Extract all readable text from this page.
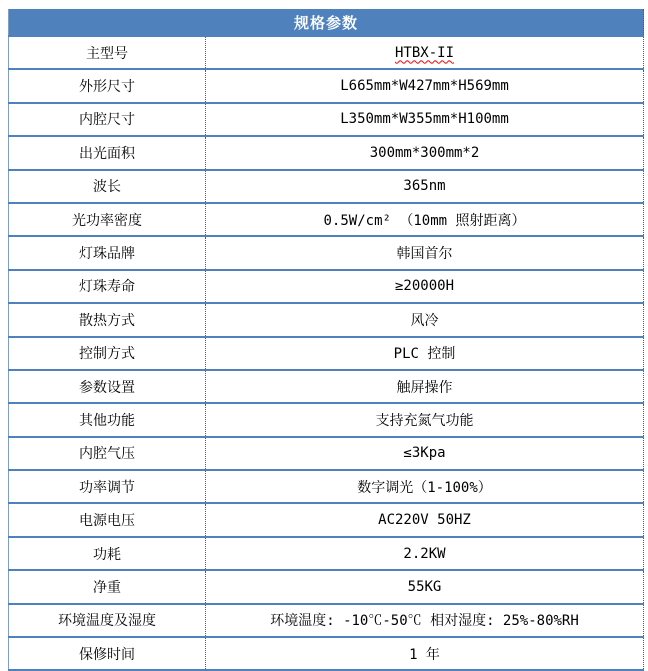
规格参数	
主型号	HTBX-II
外形尺寸	L665mm*W427mm*H569mm
内腔尺寸	L350mm*W355mm*H100mm
出光面积	300mm*300mm*2
波长	365nm
光功率密度	0.5W/cm² （10mm 照射距离）
灯珠品牌	韩国首尔
灯珠寿命	≥20000H
散热方式	风冷
控制方式	PLC 控制
参数设置	触屏操作
其他功能	支持充氮气功能
内腔气压	≤3Kpa
功率调节	数字调光（1-100%）
电源电压	AC220V 50HZ
功耗	2.2KW
净重	55KG
环境温度及湿度	环境温度: -10℃-50℃ 相对湿度: 25%-80%RH
保修时间	1 年
